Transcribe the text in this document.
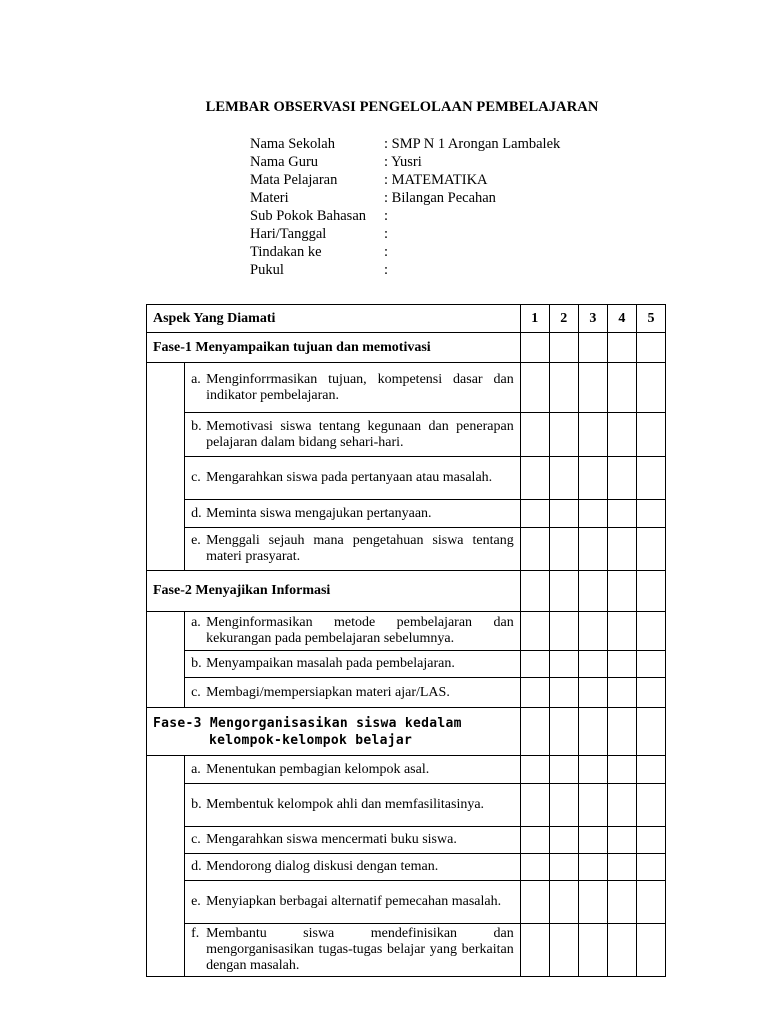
LEMBAR OBSERVASI PENGELOLAAN PEMBELAJARAN
Nama Sekolah	: SMP N 1 Arongan Lambalek
Nama Guru	: Yusri
Mata Pelajaran	: MATEMATIKA
Materi	: Bilangan Pecahan
Sub Pokok Bahasan	:
Hari/Tanggal	:
Tindakan ke	:
Pukul	:
Aspek Yang Diamati		1	2	3	4	5
Fase-1 Menyampaikan tujuan dan memotivasi						

	a. Menginforrmasikan tujuan, kompetensi dasar dan indikator pembelajaran.					

	b. Memotivasi siswa tentang kegunaan dan penerapan pelajaran dalam bidang sehari-hari.					

	c. Mengarahkan siswa pada pertanyaan atau masalah.					

	d. Meminta siswa mengajukan pertanyaan.					

	e. Menggali sejauh mana pengetahuan siswa tentang materi prasyarat.					

Fase-2 Menyajikan Informasi						

	a. Menginformasikan metode pembelajaran dan kekurangan pada pembelajaran sebelumnya.					

	b. Menyampaikan masalah pada pembelajaran.					

	c. Membagi/mempersiapkan materi ajar/LAS.					

Fase-3 Mengorganisasikan siswa kedalam
kelompok-kelompok belajar						

	a. Menentukan pembagian kelompok asal.					

	b. Membentuk kelompok ahli dan memfasilitasinya.					

	c. Mengarahkan siswa mencermati buku siswa.					

	d. Mendorong dialog diskusi dengan teman.					

	e. Menyiapkan berbagai alternatif pemecahan masalah.					

	f. Membantu siswa mendefinisikan dan mengorganisasikan tugas-tugas belajar yang berkaitan dengan masalah.					
